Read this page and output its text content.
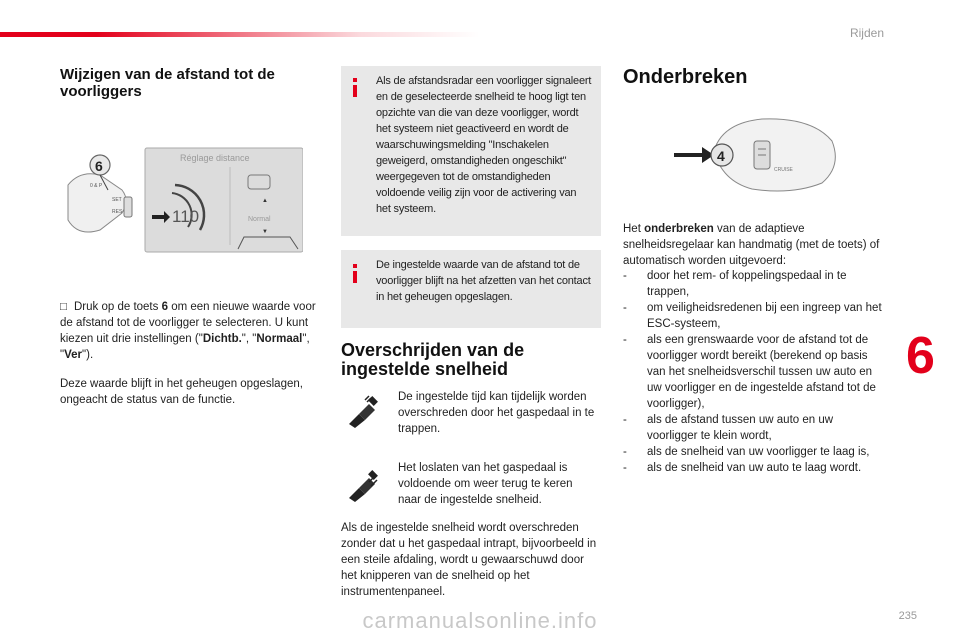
Rijden
Wijzigen van de afstand tot de voorliggers
6
0 & P
SET
RES
Réglage distance
110
▲
Normal
▼
□ Druk op de toets 6 om een nieuwe waarde voor de afstand tot de voorligger te selecteren. U kunt kiezen uit drie instellingen ("Dichtb.", "Normaal", "Ver").
Deze waarde blijft in het geheugen opgeslagen, ongeacht de status van de functie.
Als de afstandsradar een voorligger signaleert en de geselecteerde snelheid te hoog ligt ten opzichte van die van deze voorligger, wordt het systeem niet geactiveerd en wordt de waarschuwingsmelding "Inschakelen geweigerd, omstandigheden ongeschikt" weergegeven tot de omstandigheden voldoende veilig zijn voor de activering van het systeem.
De ingestelde waarde van de afstand tot de voorligger blijft na het afzetten van het contact in het geheugen opgeslagen.
Overschrijden van de ingestelde snelheid
De ingestelde tijd kan tijdelijk worden overschreden door het gaspedaal in te trappen.
Het loslaten van het gaspedaal is voldoende om weer terug te keren naar de ingestelde snelheid.
Als de ingestelde snelheid wordt overschreden zonder dat u het gaspedaal intrapt, bijvoorbeeld in een steile afdaling, wordt u gewaarschuwd door het knipperen van de snelheid op het instrumentenpaneel.
Onderbreken
4
CRUISE
Het onderbreken van de adaptieve snelheidsregelaar kan handmatig (met de toets) of automatisch worden uitgevoerd:
- door het rem- of koppelingspedaal in te trappen,
- om veiligheidsredenen bij een ingreep van het ESC-systeem,
- als een grenswaarde voor de afstand tot de voorligger wordt bereikt (berekend op basis van het snelheidsverschil tussen uw auto en uw voorligger en de ingestelde afstand tot de voorligger),
- als de afstand tussen uw auto en uw voorligger te klein wordt,
- als de snelheid van uw voorligger te laag is,
- als de snelheid van uw auto te laag wordt.
6
carmanualsonline.info	235
